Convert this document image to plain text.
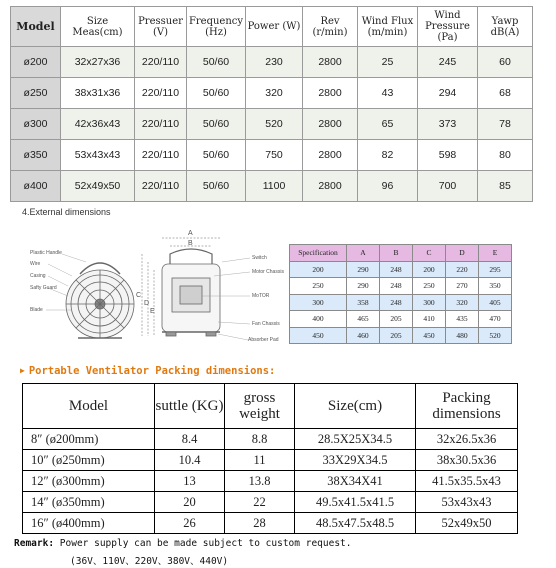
Model	Size Meas(cm)	Pressuer (V)	Frequency (Hz)	Power (W)	Rev (r/min)	Wind Flux (m/min)	Wind Pressure (Pa)	Yawp dB(A)
ø200	32x27x36	220/110	50/60	230	2800	25	245	60
ø250	38x31x36	220/110	50/60	320	2800	43	294	68
ø300	42x36x43	220/110	50/60	520	2800	65	373	78
ø350	53x43x43	220/110	50/60	750	2800	82	598	80
ø400	52x49x50	220/110	50/60	1100	2800	96	700	85
4.External dimensions
Plastic Handle
Wire
Casing
Safty Guard
Blade
Switch
Motor Chassis
MoTOR
Fan Chassis
Absorber Pad
A
B
C
D
E
Specification	A	B	C	D	E
200	290	248	200	220	295
250	290	248	250	270	350
300	358	248	300	320	405
400	465	205	410	435	470
450	460	205	450	480	520
▶ Portable Ventilator Packing dimensions:
Model	suttle (KG)	gross weight	Size(cm)	Packing dimensions
8″ (ø200mm)	8.4	8.8	28.5X25X34.5	32x26.5x36
10″ (ø250mm)	10.4	11	33X29X34.5	38x30.5x36
12″ (ø300mm)	13	13.8	38X34X41	41.5x35.5x43
14″ (ø350mm)	20	22	49.5x41.5x41.5	53x43x43
16″ (ø400mm)	26	28	48.5x47.5x48.5	52x49x50
Remark: Power supply can be made subject to custom request.
(36V、110V、220V、380V、440V)
